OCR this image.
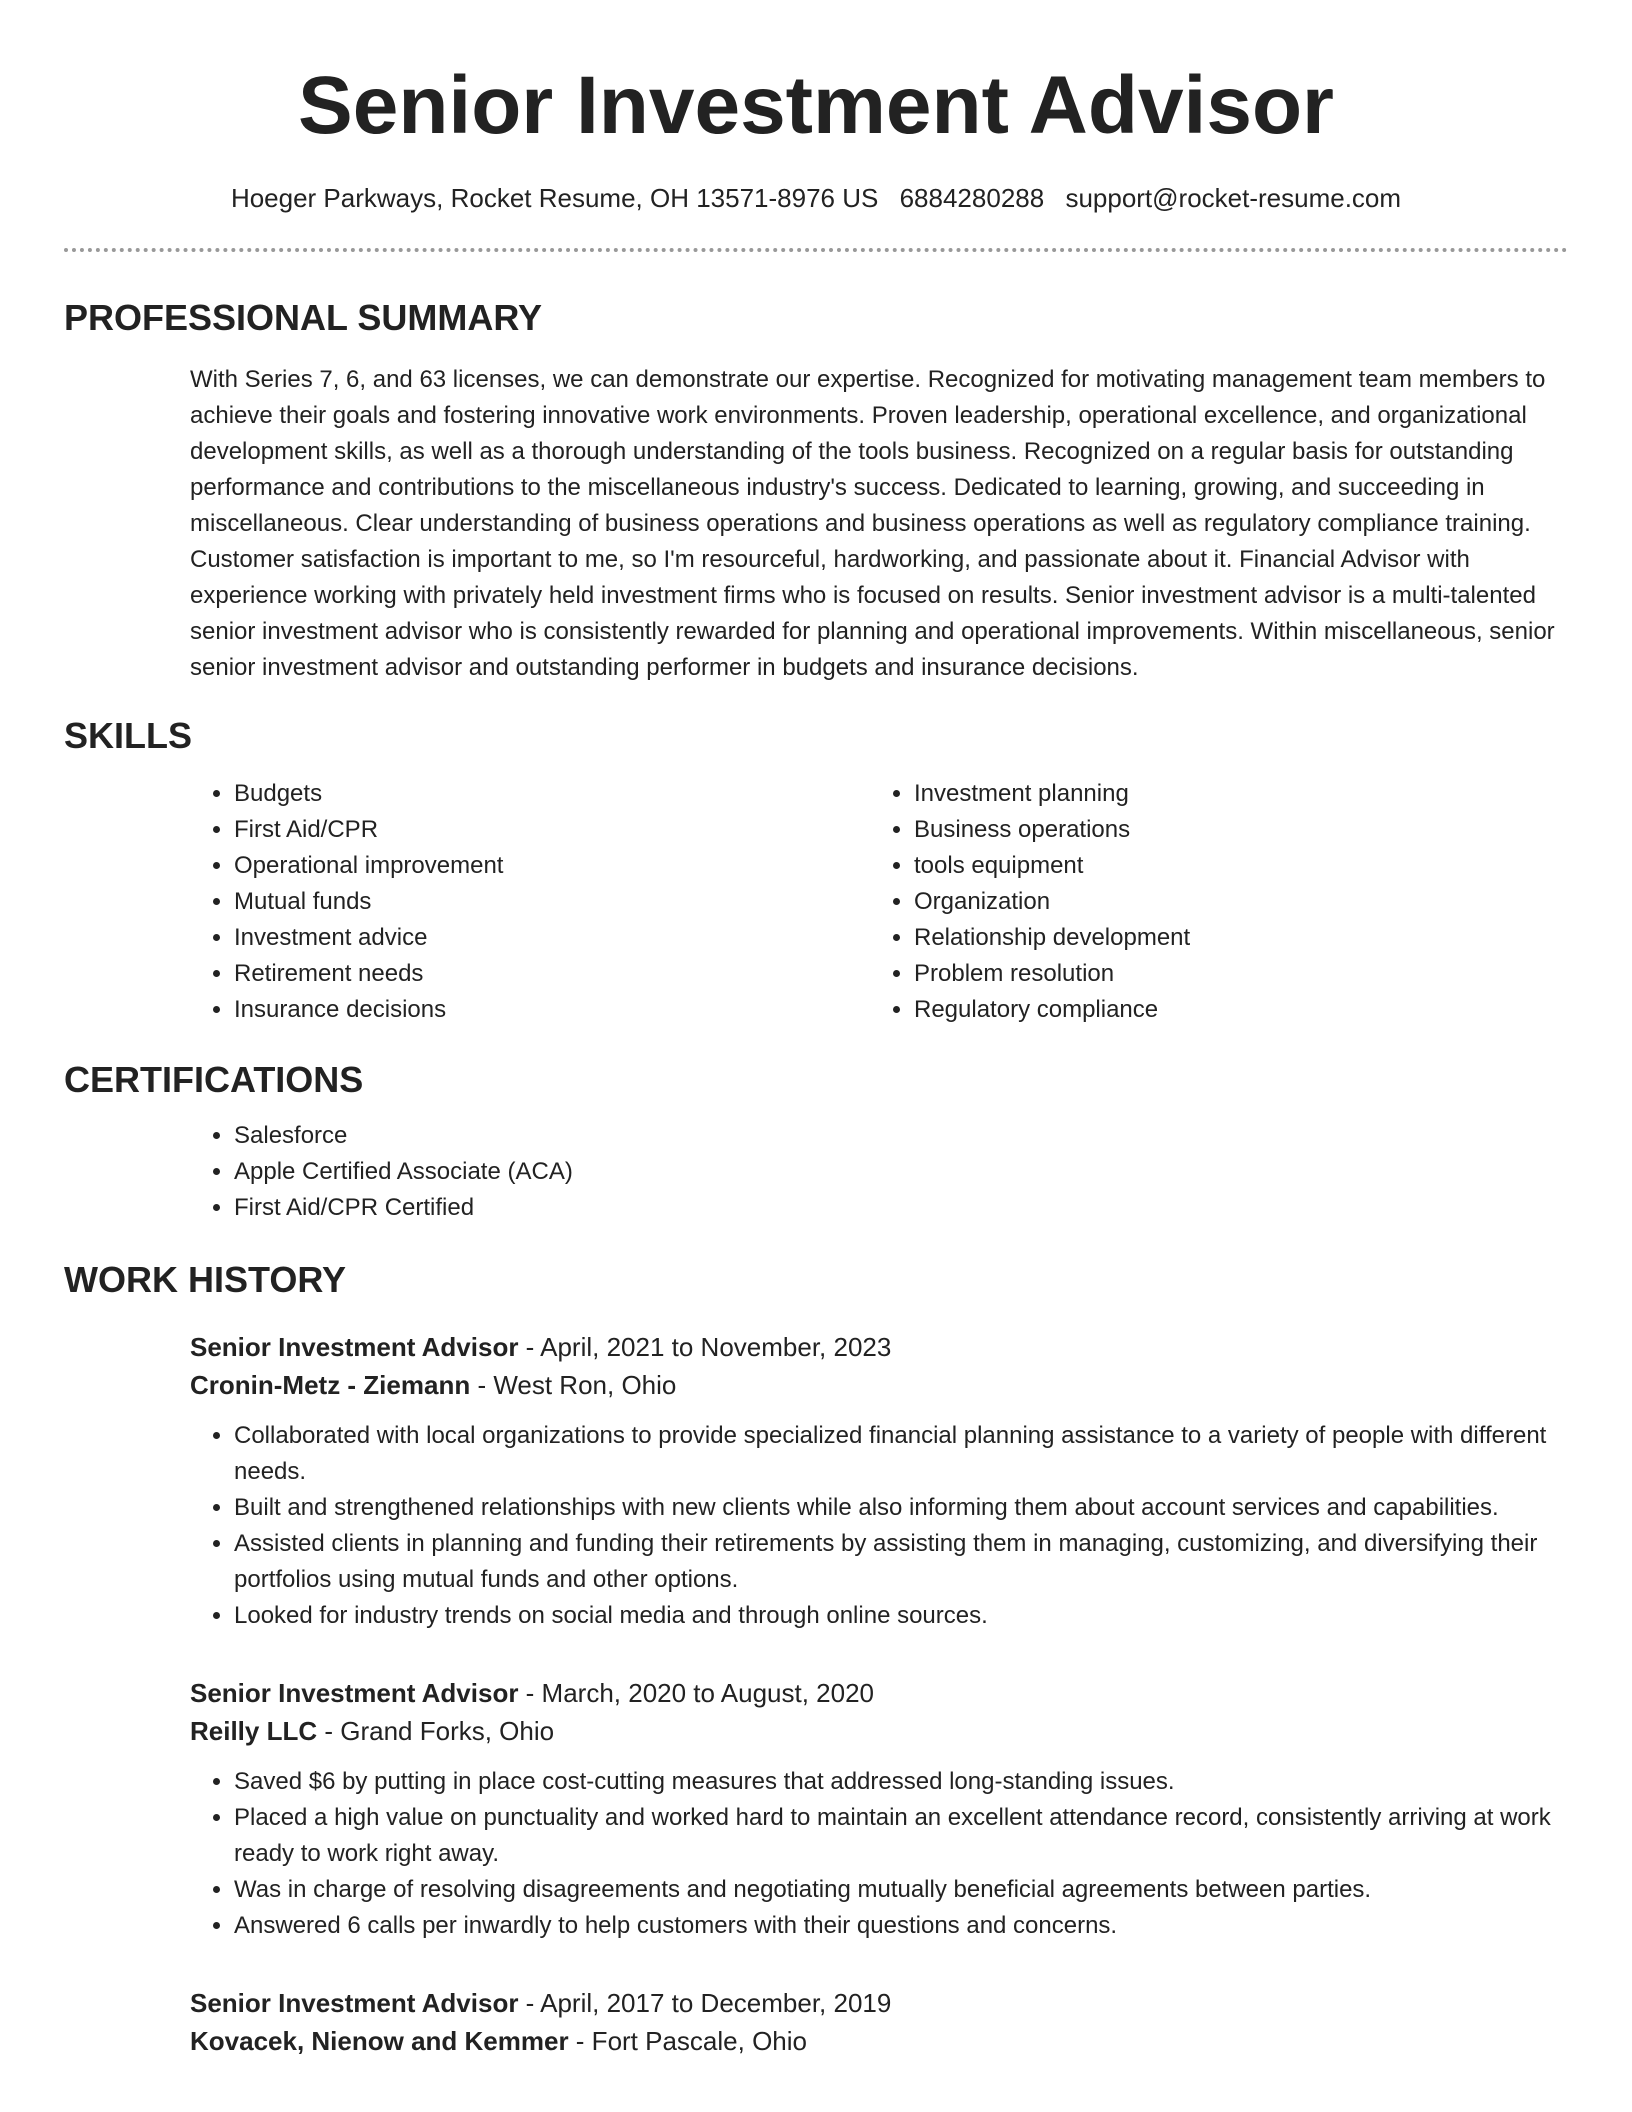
Senior Investment Advisor
Hoeger Parkways, Rocket Resume, OH 13571-8976 US 6884280288 support@rocket-resume.com
PROFESSIONAL SUMMARY

With Series 7, 6, and 63 licenses, we can demonstrate our expertise. Recognized for motivating management team members to achieve their goals and fostering innovative work environments. Proven leadership, operational excellence, and organizational development skills, as well as a thorough understanding of the tools business. Recognized on a regular basis for outstanding performance and contributions to the miscellaneous industry's success. Dedicated to learning, growing, and succeeding in miscellaneous. Clear understanding of business operations and business operations as well as regulatory compliance training. Customer satisfaction is important to me, so I'm resourceful, hardworking, and passionate about it. Financial Advisor with experience working with privately held investment firms who is focused on results. Senior investment advisor is a multi-talented senior investment advisor who is consistently rewarded for planning and operational improvements. Within miscellaneous, senior senior investment advisor and outstanding performer in budgets and insurance decisions.

SKILLS
• Budgets
• First Aid/CPR
• Operational improvement
• Mutual funds
• Investment advice
• Retirement needs
• Insurance decisions
• Investment planning
• Business operations
• tools equipment
• Organization
• Relationship development
• Problem resolution
• Regulatory compliance
CERTIFICATIONS
• Salesforce
• Apple Certified Associate (ACA)
• First Aid/CPR Certified
WORK HISTORY
Senior Investment Advisor - April, 2021 to November, 2023
Cronin-Metz - Ziemann - West Ron, Ohio
• Collaborated with local organizations to provide specialized financial planning assistance to a variety of people with different needs.
• Built and strengthened relationships with new clients while also informing them about account services and capabilities.
• Assisted clients in planning and funding their retirements by assisting them in managing, customizing, and diversifying their portfolios using mutual funds and other options.
• Looked for industry trends on social media and through online sources.
Senior Investment Advisor - March, 2020 to August, 2020
Reilly LLC - Grand Forks, Ohio
• Saved $6 by putting in place cost-cutting measures that addressed long-standing issues.
• Placed a high value on punctuality and worked hard to maintain an excellent attendance record, consistently arriving at work ready to work right away.
• Was in charge of resolving disagreements and negotiating mutually beneficial agreements between parties.
• Answered 6 calls per inwardly to help customers with their questions and concerns.
Senior Investment Advisor - April, 2017 to December, 2019
Kovacek, Nienow and Kemmer - Fort Pascale, Ohio
